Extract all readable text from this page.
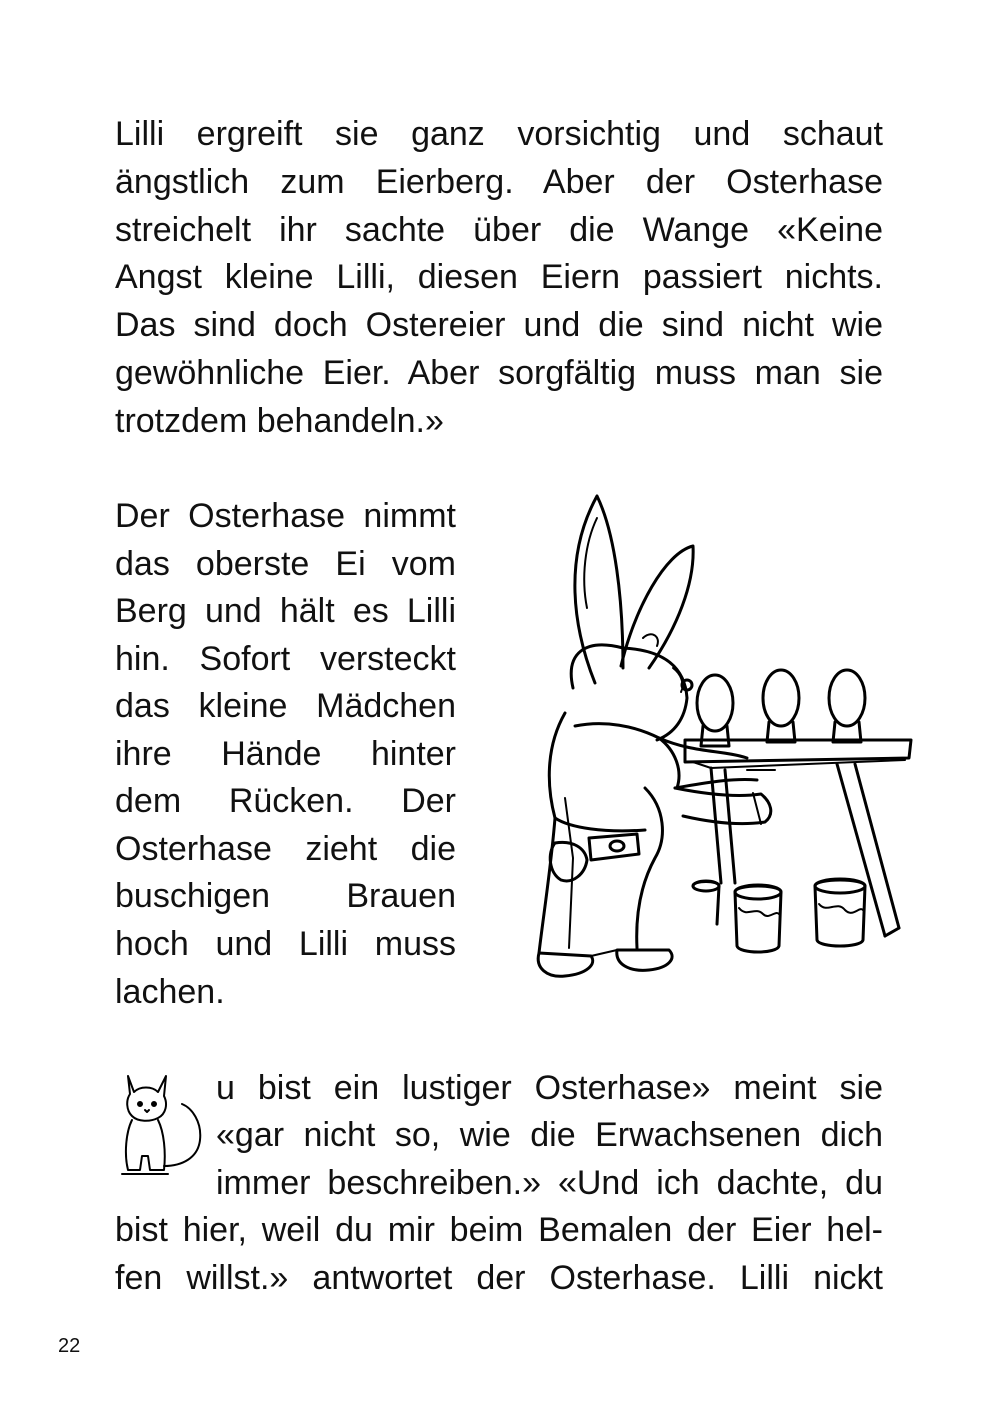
Lilli ergreift sie ganz vorsichtig und schaut
ängstlich zum Eierberg. Aber der Osterhase
streichelt ihr sachte über die Wange «Keine
Angst kleine Lilli, diesen Eiern passiert nichts.
Das sind doch Ostereier und die sind nicht wie
gewöhnliche Eier. Aber sorgfältig muss man sie
trotzdem behandeln.»
Der Osterhase nimmt
das oberste Ei vom
Berg und hält es Lilli
hin. Sofort versteckt
das kleine Mädchen
ihre Hände hinter
dem Rücken. Der
Osterhase zieht die
buschigen Brauen
hoch und Lilli muss
lachen.
u bist ein lustiger Osterhase» meint sie
«gar nicht so, wie die Erwachsenen dich
immer beschreiben.» «Und ich dachte, du
bist hier, weil du mir beim Bemalen der Eier hel-
fen willst.» antwortet der Osterhase. Lilli nickt
22
